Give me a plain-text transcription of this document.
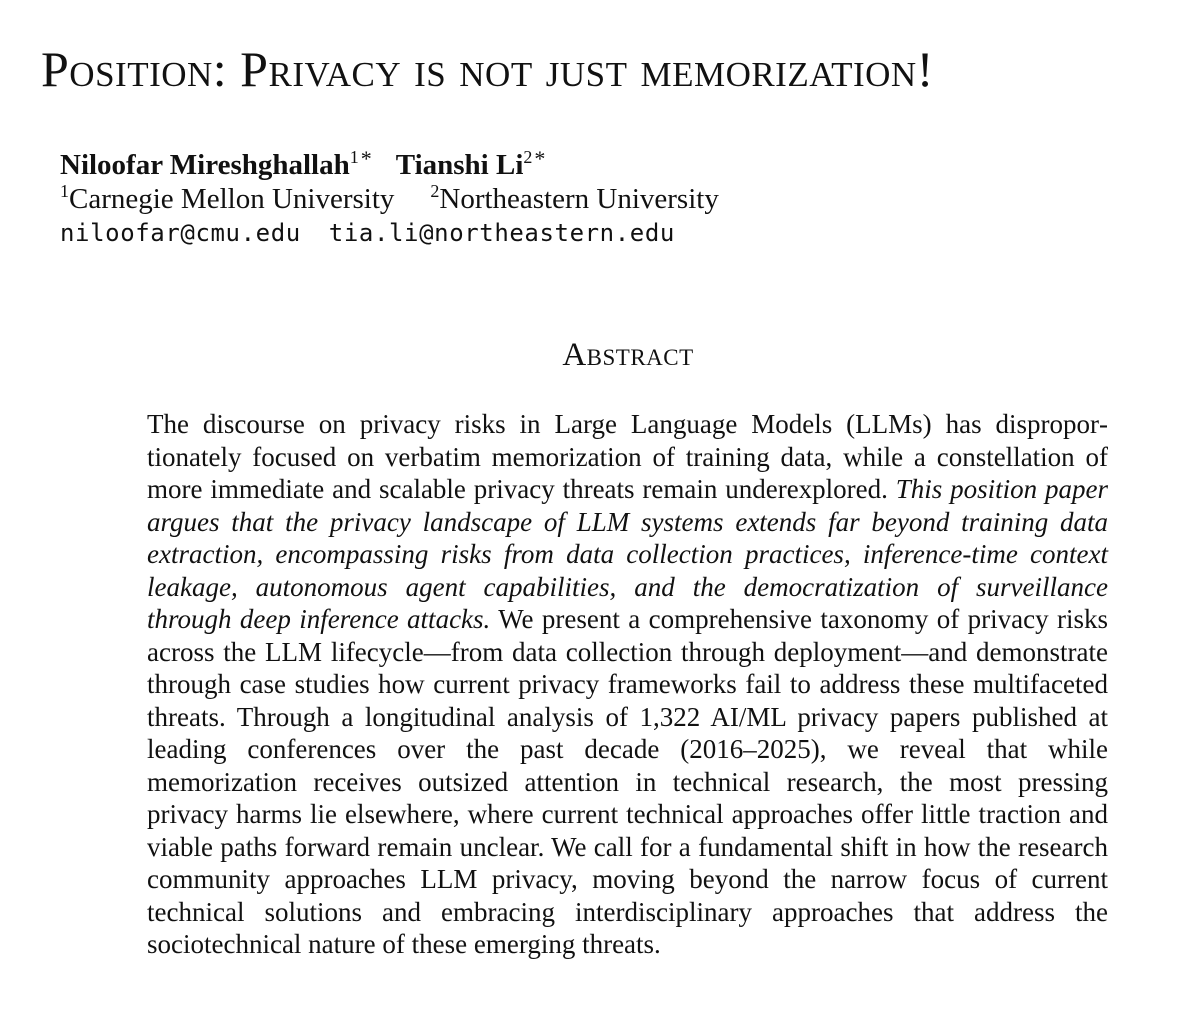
Position: Privacy is not just memorization!
Niloofar Mireshghallah$^{1*}$ Tianshi $Li^{2*}$
$^1$Carnegie Mellon University $^2$Northeastern University
niloofar@cmu.edu tia.li@northeastern.edu
Abstract

The discourse on privacy risks in Large Language Models (LLMs) has disproportionately focused on verbatim memorization of training data, while a constellation of more immediate and scalable privacy threats remain underexplored. This position paper argues that the privacy landscape of LLM systems extends far beyond training data extraction, encompassing risks from data collection practices, inference-time context leakage, autonomous agent capabilities, and the democratization of surveillance through deep inference attacks. We present a comprehensive taxonomy of privacy risks across the LLM lifecycle—from data collection through deployment—and demonstrate through case studies how current privacy frameworks fail to address these multifaceted threats. Through a longitudinal analysis of 1,322 AI/ML privacy papers published at leading conferences over the past decade (2016–2025), we reveal that while memorization receives outsized attention in technical research, the most pressing privacy harms lie elsewhere, where current technical approaches offer little traction and viable paths forward remain unclear. We call for a fundamental shift in how the research community approaches LLM privacy, moving beyond the narrow focus of current technical solutions and embracing interdisciplinary approaches that address the sociotechnical nature of these emerging threats.
